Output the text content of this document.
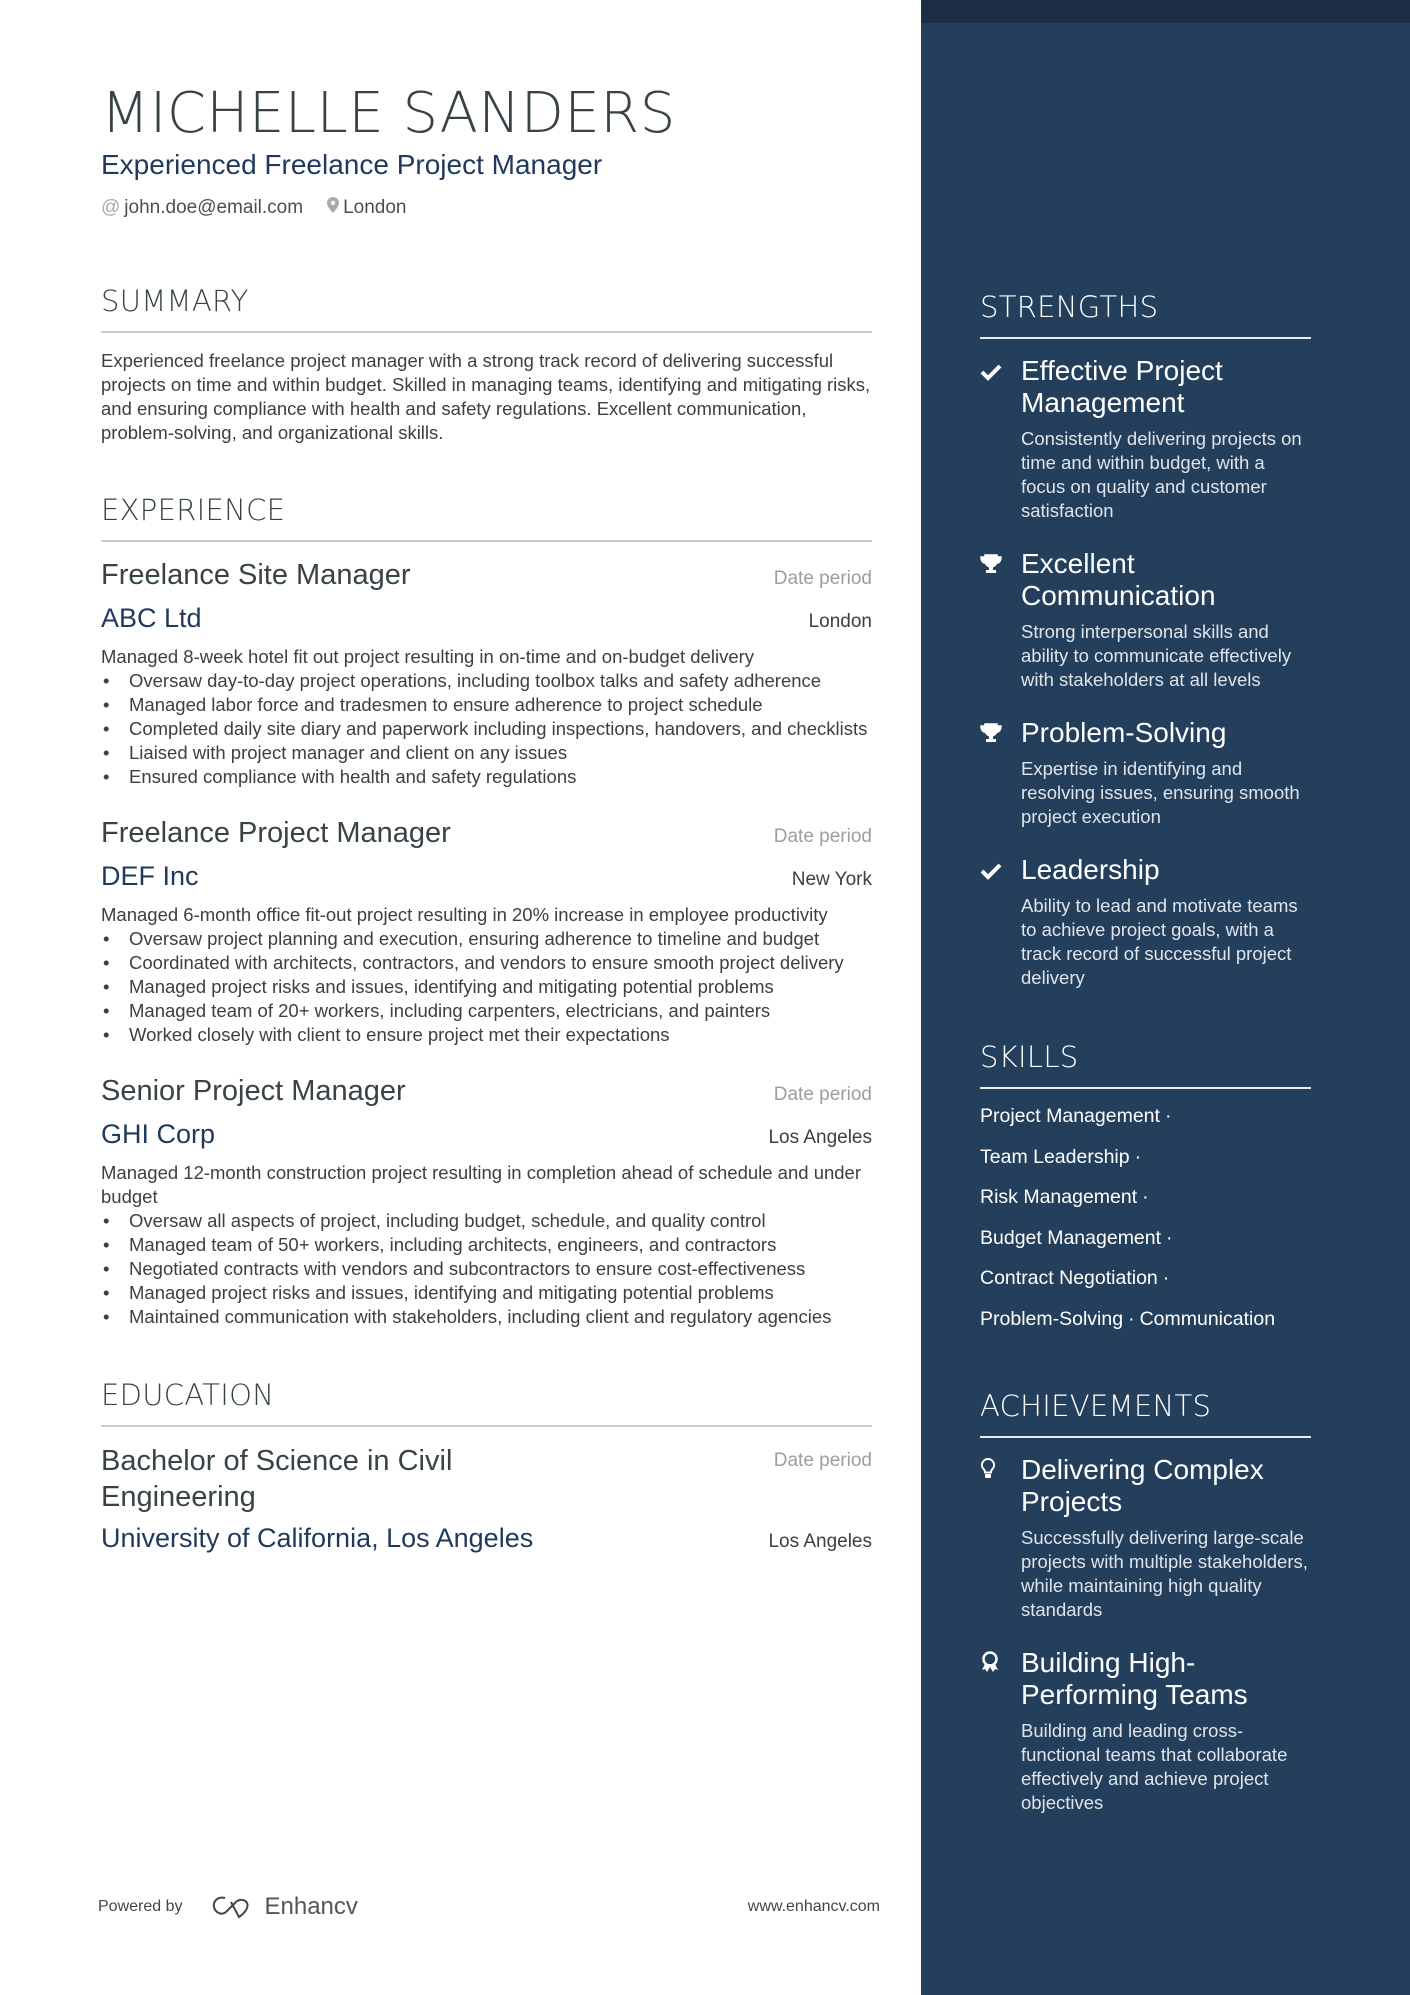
MICHELLE SANDERS
Experienced Freelance Project Manager
@ john.doe@email.com	London
SUMMARY
Experienced freelance project manager with a strong track record of delivering successful projects on time and within budget. Skilled in managing teams, identifying and mitigating risks, and ensuring compliance with health and safety regulations. Excellent communication, problem-solving, and organizational skills.
EXPERIENCE
Freelance Site Manager	Date period
ABC Ltd	London
Managed 8-week hotel fit out project resulting in on-time and on-budget delivery
• Oversaw day-to-day project operations, including toolbox talks and safety adherence
• Managed labor force and tradesmen to ensure adherence to project schedule
• Completed daily site diary and paperwork including inspections, handovers, and checklists
• Liaised with project manager and client on any issues
• Ensured compliance with health and safety regulations
Freelance Project Manager	Date period
DEF Inc	New York
Managed 6-month office fit-out project resulting in 20% increase in employee productivity
• Oversaw project planning and execution, ensuring adherence to timeline and budget
• Coordinated with architects, contractors, and vendors to ensure smooth project delivery
• Managed project risks and issues, identifying and mitigating potential problems
• Managed team of 20+ workers, including carpenters, electricians, and painters
• Worked closely with client to ensure project met their expectations
Senior Project Manager	Date period
GHI Corp	Los Angeles
Managed 12-month construction project resulting in completion ahead of schedule and under budget
• Oversaw all aspects of project, including budget, schedule, and quality control
• Managed team of 50+ workers, including architects, engineers, and contractors
• Negotiated contracts with vendors and subcontractors to ensure cost-effectiveness
• Managed project risks and issues, identifying and mitigating potential problems
• Maintained communication with stakeholders, including client and regulatory agencies
EDUCATION
Bachelor of Science in Civil Engineering
Date period
University of California, Los Angeles	Los Angeles
Powered by	Enhancv	www.enhancv.com
STRENGTHS
Effective Project Management
Consistently delivering projects on time and within budget, with a focus on quality and customer satisfaction
Excellent Communication
Strong interpersonal skills and ability to communicate effectively with stakeholders at all levels
Problem-Solving
Expertise in identifying and resolving issues, ensuring smooth project execution
Leadership
Ability to lead and motivate teams to achieve project goals, with a track record of successful project delivery
SKILLS
Project Management ·
Team Leadership ·
Risk Management ·
Budget Management ·
Contract Negotiation ·
Problem-Solving · Communication
ACHIEVEMENTS
Delivering Complex Projects
Successfully delivering large-scale projects with multiple stakeholders, while maintaining high quality standards
Building High-Performing Teams
Building and leading cross-functional teams that collaborate effectively and achieve project objectives
